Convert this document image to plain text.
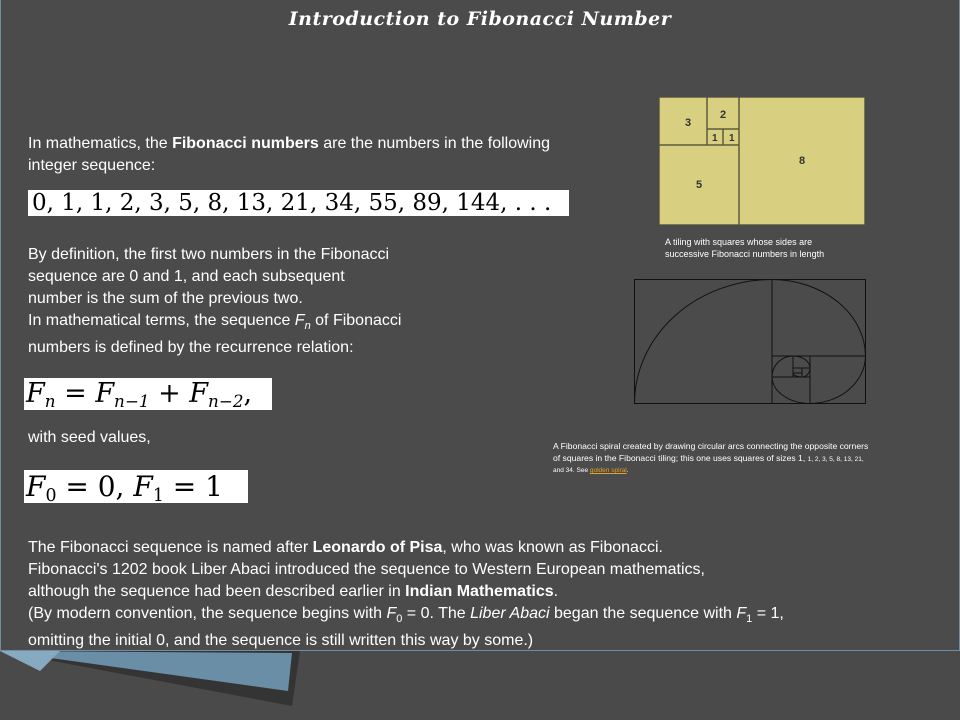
Introduction to Fibonacci Number
In mathematics, the Fibonacci numbers are the numbers in the following integer sequence:
0, 1, 1, 2, 3, 5, 8, 13, 21, 34, 55, 89, 144, . . .
By definition, the first two numbers in the Fibonacci
sequence are 0 and 1, and each subsequent
number is the sum of the previous two.
In mathematical terms, the sequence $F_n$ of Fibonacci
numbers is defined by the recurrence relation:
$F_n = F_{n-1} + F_{n-2}$,
with seed values,
F0 = 0, F1 = 1
The Fibonacci sequence is named after Leonardo of Pisa, who was known as Fibonacci.
Fibonacci's 1202 book Liber Abaci introduced the sequence to Western European mathematics,
although the sequence had been described earlier in Indian Mathematics.
(By modern convention, the sequence begins with $F_0 = 0$. The Liber Abaci began the sequence with $F_1 = 1$,
omitting the initial 0, and the sequence is still written this way by some.)
3
2
1 1
8
5
A tiling with squares whose sides are
successive Fibonacci numbers in length
A Fibonacci spiral created by drawing circular arcs connecting the opposite corners
of squares in the Fibonacci tiling; this one uses squares of sizes 1, 1, 2, 3, 5, 8, 13, 21,
and 34. See golden spiral.
